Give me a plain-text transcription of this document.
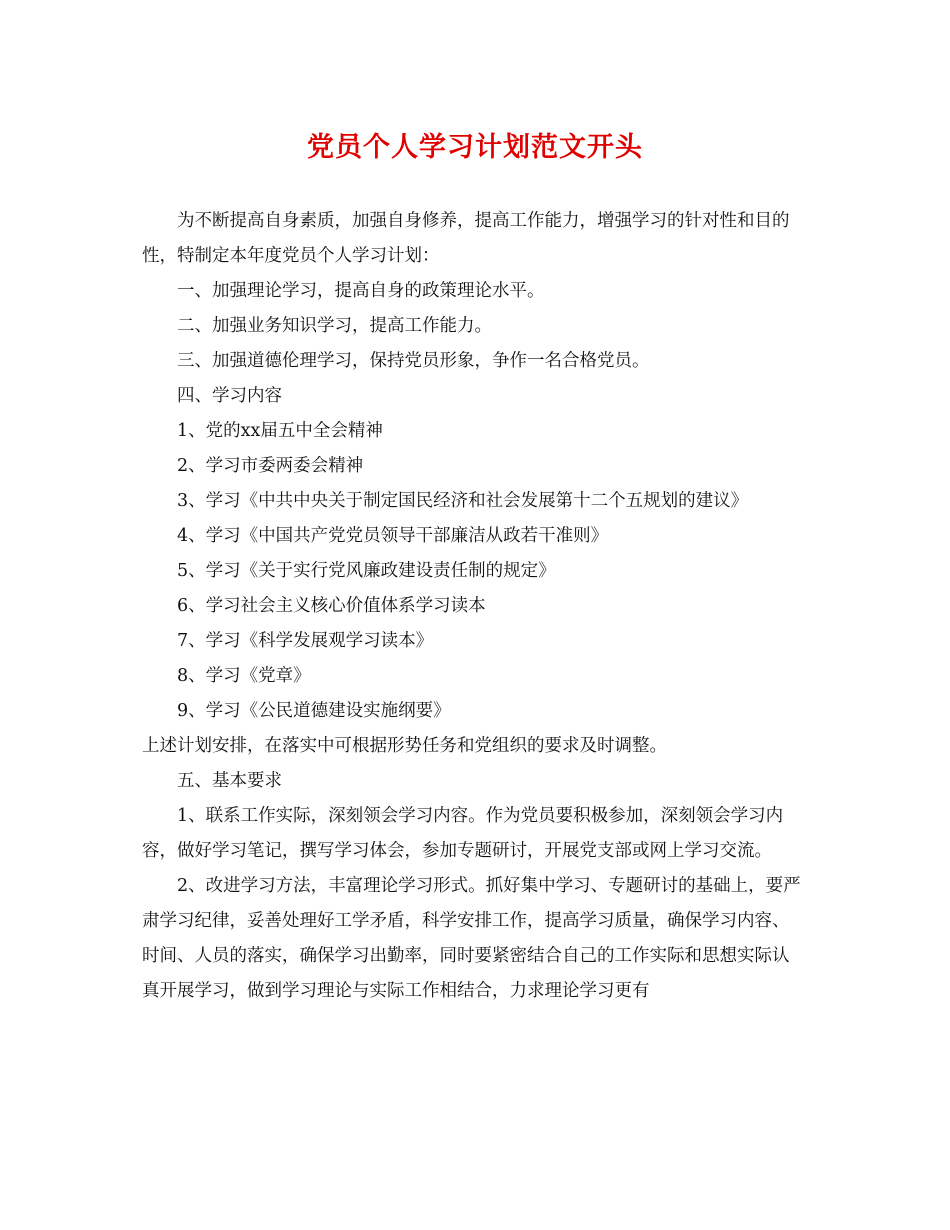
党员个人学习计划范文开头

为不断提高自身素质，加强自身修养，提高工作能力，增强学习的针对性和目的性，特制定本年度党员个人学习计划：

一、加强理论学习，提高自身的政策理论水平。

二、加强业务知识学习，提高工作能力。

三、加强道德伦理学习，保持党员形象，争作一名合格党员。

四、学习内容

1、党的xx届五中全会精神

2、学习市委两委会精神

3、学习《中共中央关于制定国民经济和社会发展第十二个五规划的建议》

4、学习《中国共产党党员领导干部廉洁从政若干准则》

5、学习《关于实行党风廉政建设责任制的规定》

6、学习社会主义核心价值体系学习读本

7、学习《科学发展观学习读本》

8、学习《党章》

9、学习《公民道德建设实施纲要》

上述计划安排，在落实中可根据形势任务和党组织的要求及时调整。

五、基本要求

1、联系工作实际，深刻领会学习内容。作为党员要积极参加，深刻领会学习内容，做好学习笔记，撰写学习体会，参加专题研讨，开展党支部或网上学习交流。

2、改进学习方法，丰富理论学习形式。抓好集中学习、专题研讨的基础上，要严肃学习纪律，妥善处理好工学矛盾，科学安排工作，提高学习质量，确保学习内容、时间、人员的落实，确保学习出勤率，同时要紧密结合自己的工作实际和思想实际认真开展学习，做到学习理论与实际工作相结合，力求理论学习更有
